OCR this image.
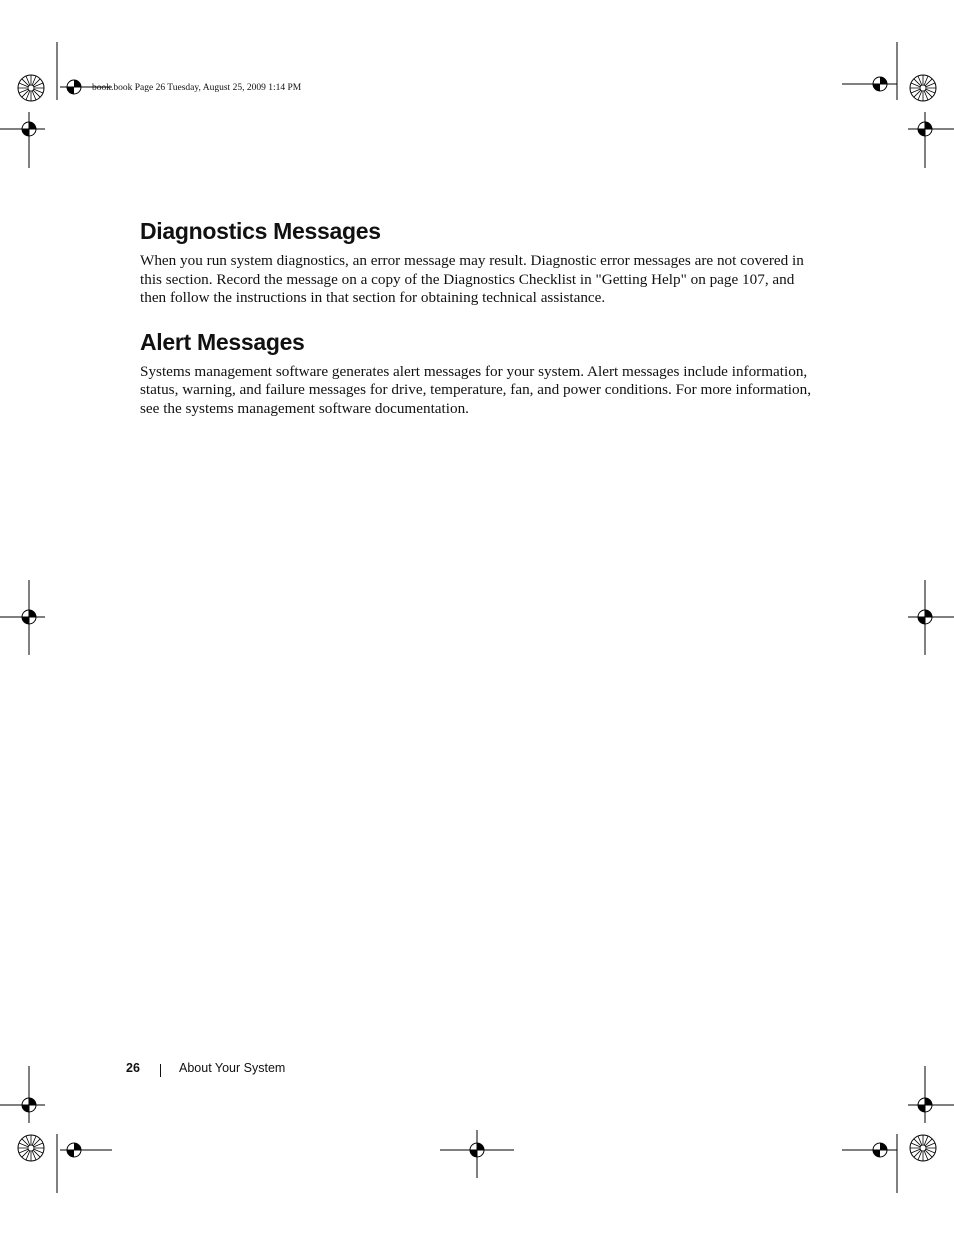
book.book Page 26 Tuesday, August 25, 2009 1:14 PM
Diagnostics Messages

When you run system diagnostics, an error message may result. Diagnostic error messages are not covered in this section. Record the message on a copy of the Diagnostics Checklist in "Getting Help" on page 107, and then follow the instructions in that section for obtaining technical assistance.

Alert Messages

Systems management software generates alert messages for your system. Alert messages include information, status, warning, and failure messages for drive, temperature, fan, and power conditions. For more information, see the systems management software documentation.

26	About Your System
